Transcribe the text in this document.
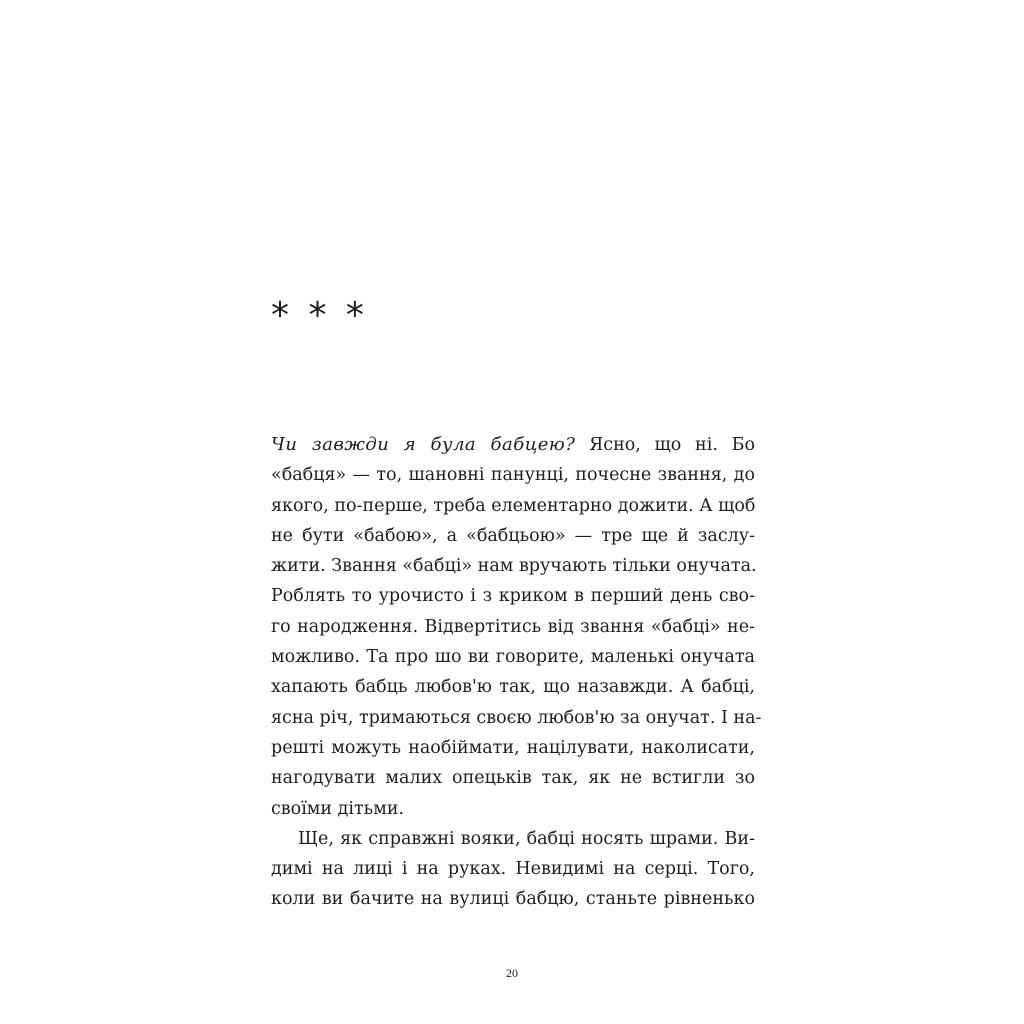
* * *
Чи завжди я була бабцею? Ясно, що ні. Бо
«бабця» — то, шановні панунці, почесне звання, до
якого, по-перше, треба елементарно дожити. А щоб
не бути «бабою», а «бабцьою» — тре ще й заслу-
жити. Звання «бабці» нам вручають тільки онучата.
Роблять то урочисто і з криком в перший день сво-
го народження. Відвертітись від звання «бабці» не-
можливо. Та про шо ви говорите, маленькі онучата
хапають бабць любов'ю так, що назавжди. А бабці,
ясна річ, тримаються своєю любов'ю за онучат. І на-
решті можуть наобіймати, націлувати, наколисати,
нагодувати малих опецьків так, як не встигли зо
своїми дітьми.
Ще, як справжні вояки, бабці носять шрами. Ви-
димі на лиці і на руках. Невидимі на серці. Того,
коли ви бачите на вулиці бабцю, станьте рівненько
20
